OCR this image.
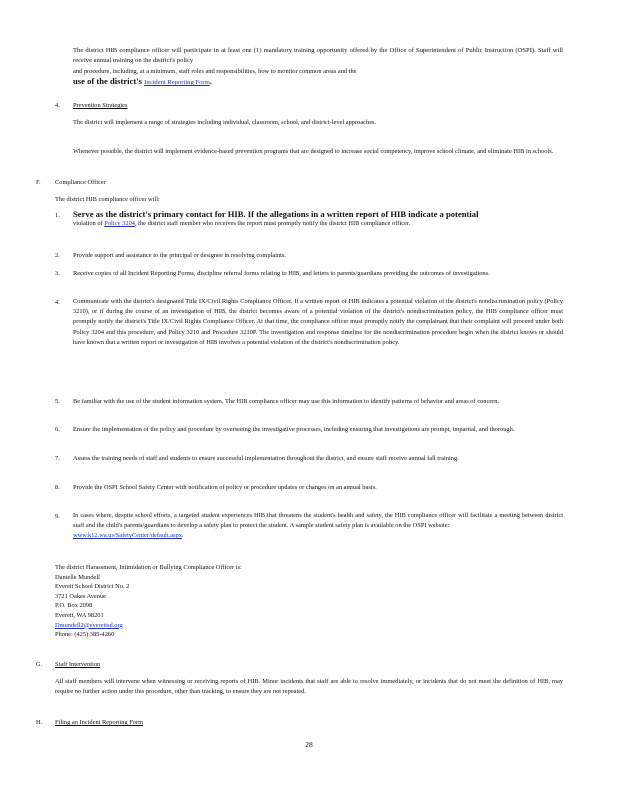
The district HIB compliance officer will participate in at least one (1) mandatory training opportunity offered by the Office of Superintendent of Public Instruction (OSPI). Staff will receive annual training on the district's policy

and procedure, including, at a minimum, staff roles and responsibilities, how to monitor common areas and the

use of the district's Incident Reporting Form.

4. Prevention Strategies

The district will implement a range of strategies including individual, classroom, school, and district-level approaches.

Whenever possible, the district will implement evidence-based prevention programs that are designed to increase social competency, improve school climate, and eliminate HIB in schools.

F. Compliance Officer
The district HIB compliance officer will:
1. Serve as the district's primary contact for HIB. If the allegations in a written report of HIB indicate a potential

violation of Policy 3204, the district staff member who receives the report must promptly notify the district HIB compliance officer.

2. Provide support and assistance to the principal or designee in resolving complaints.

3. Receive copies of all Incident Reporting Forms, discipline referral forms relating to HIB, and letters to parents/guardians providing the outcomes of investigations.

4. Communicate with the district's designated Title IX/Civil Rights Compliance Officer. If a written report of HIB indicates a potential violation of the district's nondiscrimination policy (Policy 3210), or if during the course of an investigation of HIB, the district becomes aware of a potential violation of the district's nondiscrimination policy, the HIB compliance officer must promptly notify the district's Title IX/Civil Rights Compliance Officer. At that time, the compliance officer must promptly notify the complainant that their complaint will proceed under both Policy 3204 and this procedure, and Policy 3210 and Procedure 3210P. The investigation and response timeline for the nondiscrimination procedure begin when the district knows or should have known that a written report or investigation of HIB involves a potential violation of the district's nondiscrimination policy.

5. Be familiar with the use of the student information system. The HIB compliance officer may use this information to identify patterns of behavior and areas of concern.

6. Ensure the implementation of the policy and procedure by overseeing the investigative processes, including ensuring that investigations are prompt, impartial, and thorough.

7. Assess the training needs of staff and students to ensure successful implementation throughout the district, and ensure staff receive annual fall training.

8. Provide the OSPI School Safety Center with notification of policy or procedure updates or changes on an annual basis.

9. In cases where, despite school efforts, a targeted student experiences HIB that threatens the student's health and safety, the HIB compliance officer will facilitate a meeting between district staff and the child's parents/guardians to develop a safety plan to protect the student. A sample student safety plan is available on the OSPI website:

www.k12.wa.us/SafetyCenter/default.aspx.

The district Harassment, Intimidation or Bullying Compliance Officer is:

Danielle Mundell

Everett School District No. 2

3721 Oakes Avenue

P.O. Box 2098

Everett, WA 98201

Dmundell2@everettsd.org

Phone: (425) 385-4260

G. Staff Intervention

All staff members will intervene when witnessing or receiving reports of HIB. Minor incidents that staff are able to resolve immediately, or incidents that do not meet the definition of HIB, may require no further action under this procedure, other than tracking, to ensure they are not repeated.

H. Filing an Incident Reporting Form
28
